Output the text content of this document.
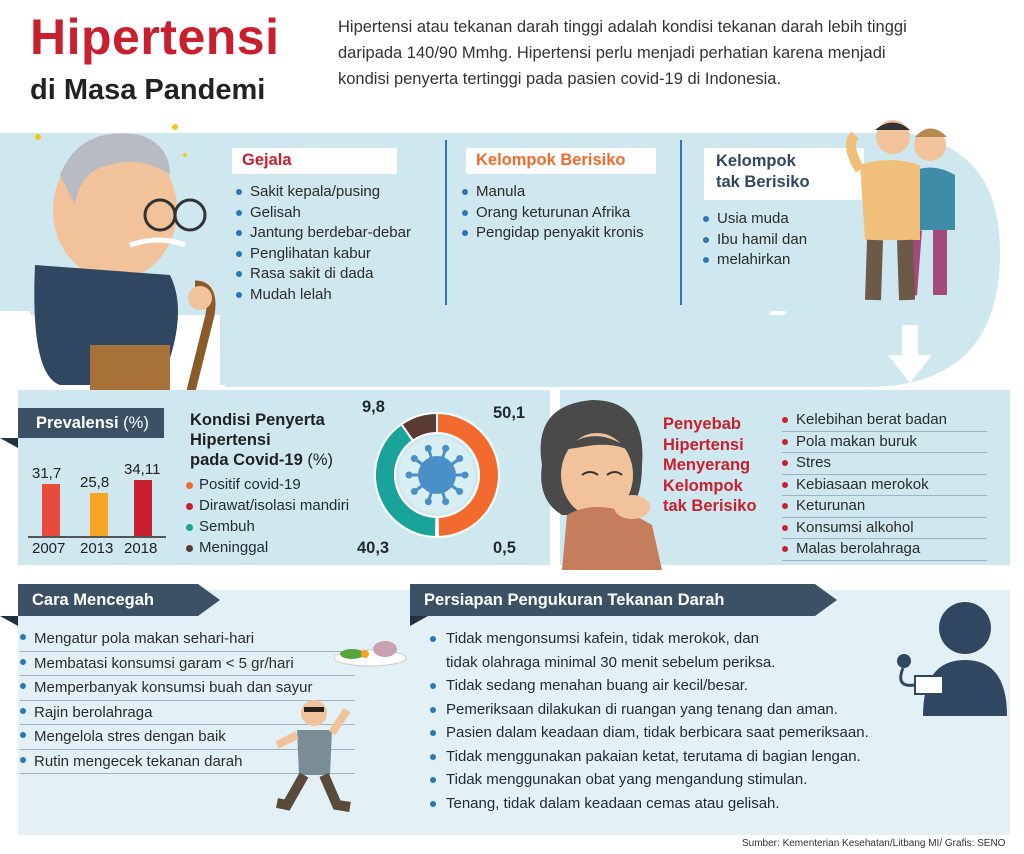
Hipertensi
di Masa Pandemi
Hipertensi atau tekanan darah tinggi adalah kondisi tekanan darah lebih tinggi daripada 140/90 Mmhg. Hipertensi perlu menjadi perhatian karena menjadi kondisi penyerta tertinggi pada pasien covid-19 di Indonesia.
Gejala
Sakit kepala/pusing
Gelisah
Jantung berdebar-debar
Penglihatan kabur
Rasa sakit di dada
Mudah lelah
Kelompok Berisiko
Manula
Orang keturunan Afrika
Pengidap penyakit kronis
Kelompok
tak Berisiko
Usia muda
Ibu hamil dan
melahirkan
Prevalensi (%)
31,7
2007
25,8
2013
34,11
2018
Kondisi Penyerta
Hipertensi
pada Covid-19 (%)
Positif covid-19
Dirawat/isolasi mandiri
Sembuh
Meninggal
9,8	50,1
40,3	0,5
Penyebab
Hipertensi
Menyerang
Kelompok
tak Berisiko
Kelebihan berat badan
Pola makan buruk
Stres
Kebiasaan merokok
Keturunan
Konsumsi alkohol
Malas berolahraga
Cara Mencegah
Mengatur pola makan sehari-hari
Membatasi konsumsi garam < 5 gr/hari
Memperbanyak konsumsi buah dan sayur
Rajin berolahraga
Mengelola stres dengan baik
Rutin mengecek tekanan darah
Persiapan Pengukuran Tekanan Darah
Tidak mengonsumsi kafein, tidak merokok, dan
tidak olahraga minimal 30 menit sebelum periksa.
Tidak sedang menahan buang air kecil/besar.
Pemeriksaan dilakukan di ruangan yang tenang dan aman.
Pasien dalam keadaan diam, tidak berbicara saat pemeriksaan.
Tidak menggunakan pakaian ketat, terutama di bagian lengan.
Tidak menggunakan obat yang mengandung stimulan.
Tenang, tidak dalam keadaan cemas atau gelisah.
Sumber: Kementerian Kesehatan/Litbang MI/ Grafis: SENO
